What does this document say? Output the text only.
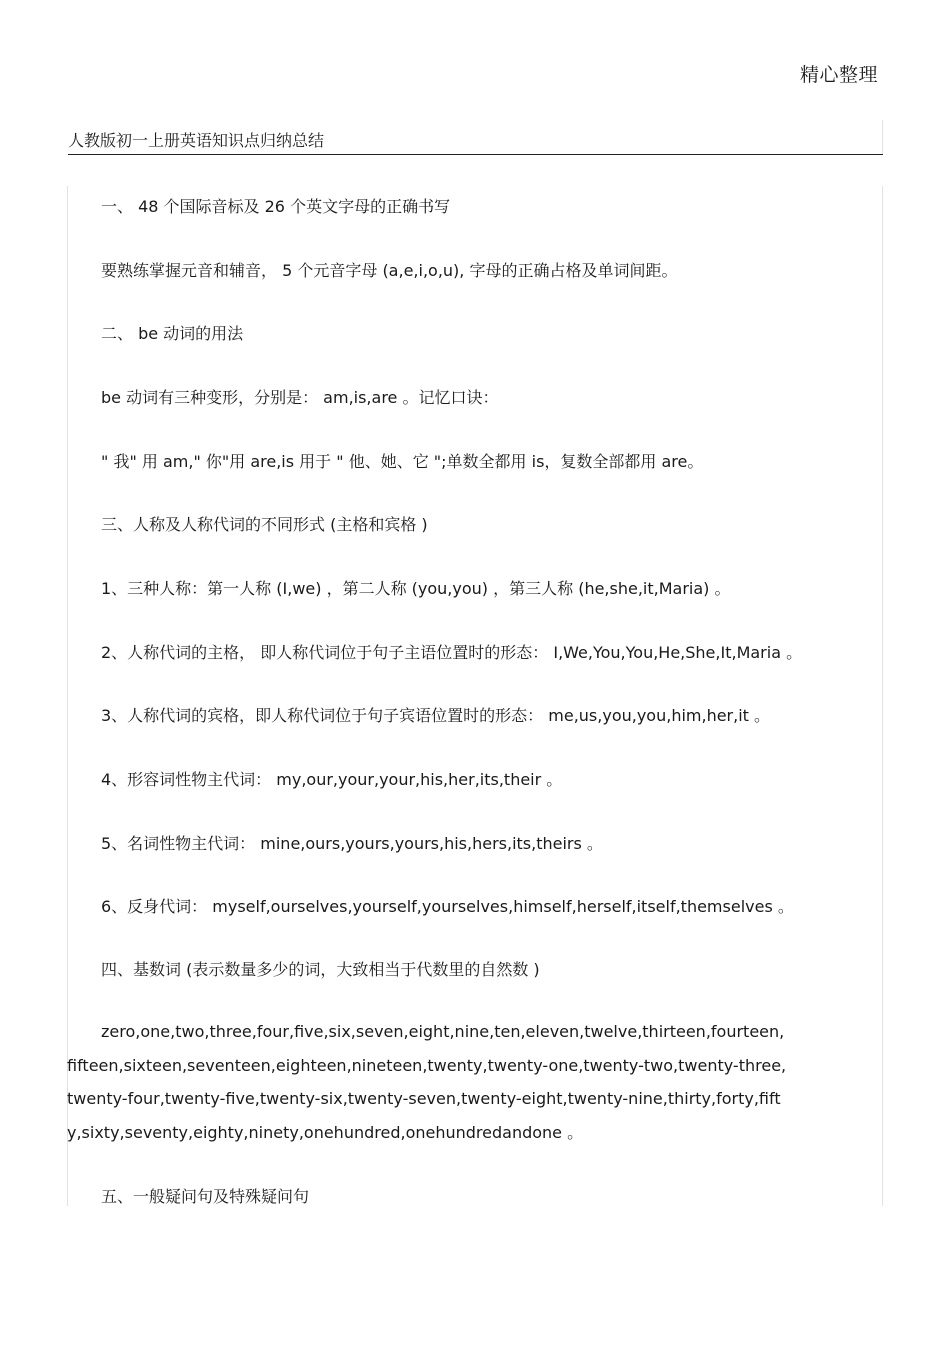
精心整理
人教版初一上册英语知识点归纳总结
一、 48 个国际音标及 26 个英文字母的正确书写
要熟练掌握元音和辅音， 5 个元音字母 (a,e,i,o,u), 字母的正确占格及单词间距。
二、 be 动词的用法
be 动词有三种变形，分别是： am,is,are 。记忆口诀：
" 我" 用 am," 你"用 are,is 用于 " 他、她、它 ";单数全都用 is，复数全部都用 are。
三、人称及人称代词的不同形式 (主格和宾格 )
1、三种人称：第一人称 (I,we) ，第二人称 (you,you) ，第三人称 (he,she,it,Maria) 。
2、人称代词的主格， 即人称代词位于句子主语位置时的形态： I,We,You,You,He,She,It,Maria 。
3、人称代词的宾格，即人称代词位于句子宾语位置时的形态： me,us,you,you,him,her,it 。
4、形容词性物主代词： my,our,your,your,his,her,its,their 。
5、名词性物主代词： mine,ours,yours,yours,his,hers,its,theirs 。
6、反身代词： myself,ourselves,yourself,yourselves,himself,herself,itself,themselves 。
四、基数词 (表示数量多少的词，大致相当于代数里的自然数 )
zero,one,two,three,four,five,six,seven,eight,nine,ten,eleven,twelve,thirteen,fourteen,fifteen,sixteen,seventeen,eighteen,nineteen,twenty,twenty-one,twenty-two,twenty-three,twenty-four,twenty-five,twenty-six,twenty-seven,twenty-eight,twenty-nine,thirty,forty,fifty,sixty,seventy,eighty,ninety,onehundred,onehundredandone 。
五、一般疑问句及特殊疑问句
